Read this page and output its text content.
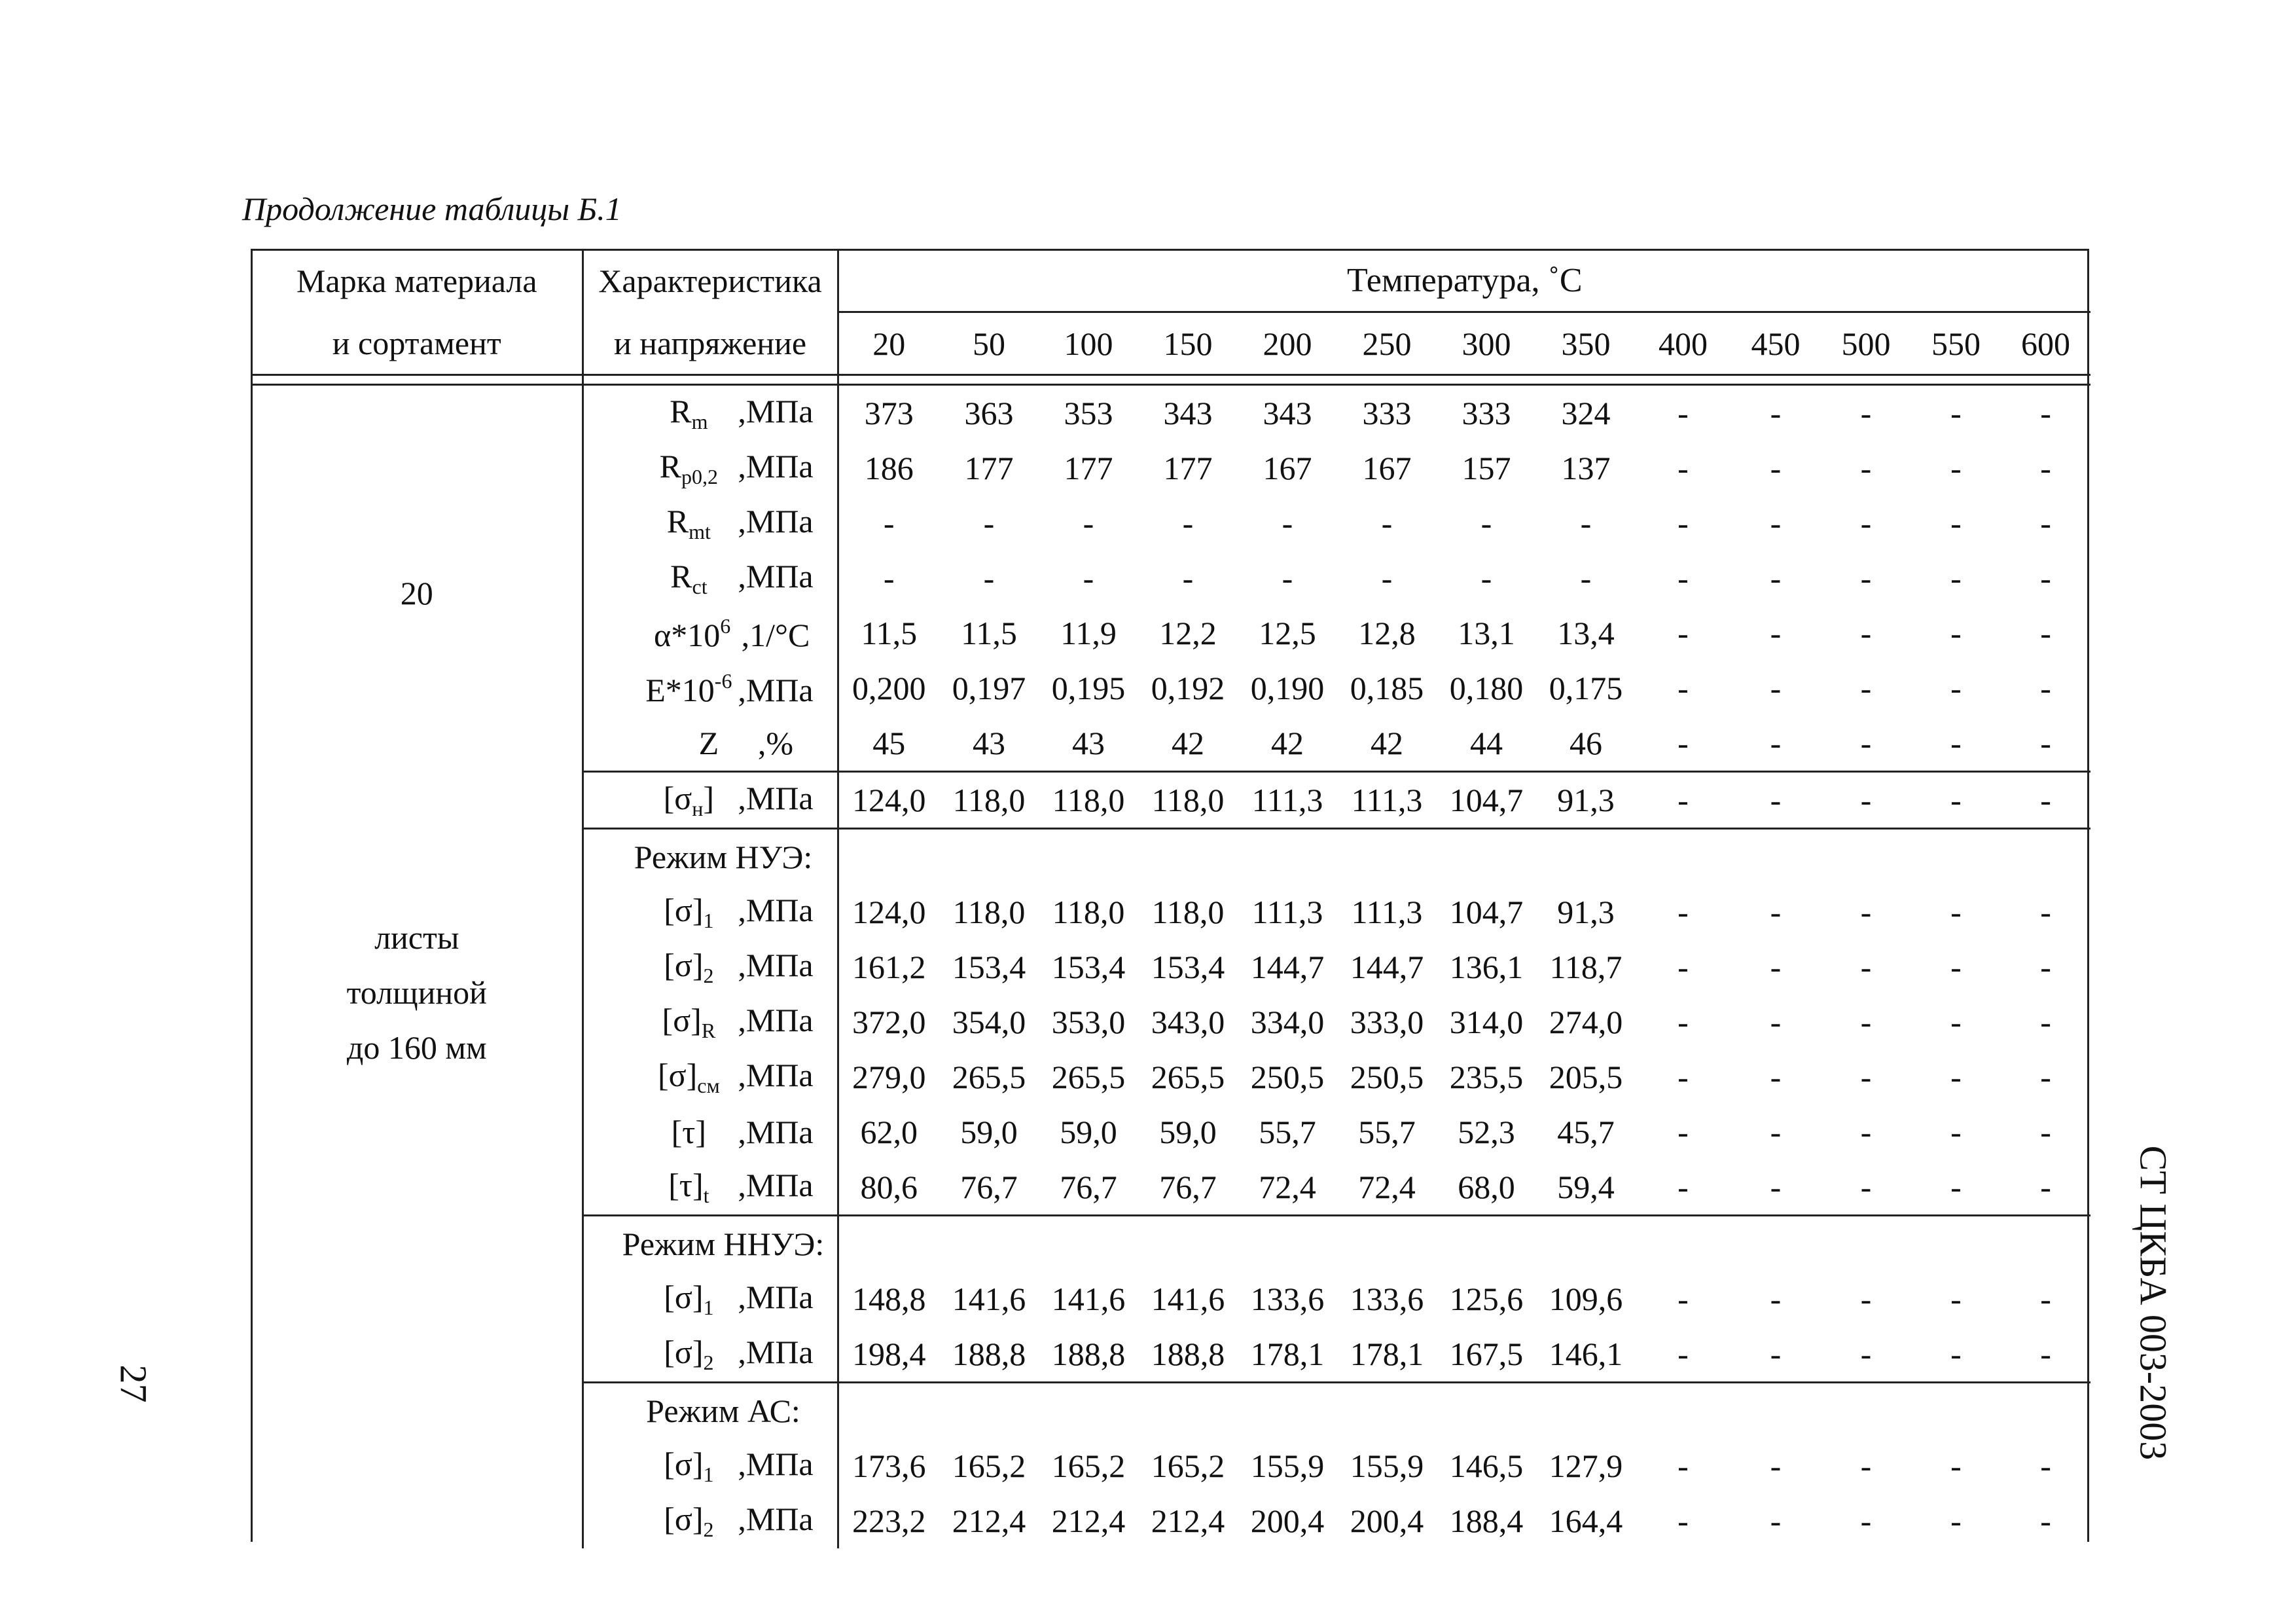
Продолжение таблицы Б.1

Марка материала	Характеристика	Температура, ˚С												
и сортамент	и напряжение	20	50	100	150	200	250	300	350	400	450	500	550	600

20
листы
толщиной
до 160 мм	$R_m$ ,МПа	373	363	353	343	343	333	333	324	-	-	-	-	-
	$R_{p0,2}$ ,МПа	186	177	177	177	167	167	157	137	-	-	-	-	-
	$R_{mt}$ ,МПа	-	-	-	-	-	-	-	-	-	-	-	-	-
	$R_{ct}$ ,МПа	-	-	-	-	-	-	-	-	-	-	-	-	-
	$\alpha*10^6$ ,1/°С	11,5	11,5	11,9	12,2	12,5	12,8	13,1	13,4	-	-	-	-	-
	$E*10^{-6}$ ,МПа	0,200	0,197	0,195	0,192	0,190	0,185	0,180	0,175	-	-	-	-	-
	Z ,%	45	43	43	42	42	42	44	46	-	-	-	-	-
	$[\sigma_н]$ ,МПа	124,0	118,0	118,0	118,0	111,3	111,3	104,7	91,3	-	-	-	-	-
	Режим НУЭ:													
	$[\sigma]_1$ ,МПа	124,0	118,0	118,0	118,0	111,3	111,3	104,7	91,3	-	-	-	-	-
	$[\sigma]_2$ ,МПа	161,2	153,4	153,4	153,4	144,7	144,7	136,1	118,7	-	-	-	-	-
	$[\sigma]_R$ ,МПа	372,0	354,0	353,0	343,0	334,0	333,0	314,0	274,0	-	-	-	-	-
	$[\sigma]_{см}$ ,МПа	279,0	265,5	265,5	265,5	250,5	250,5	235,5	205,5	-	-	-	-	-
	[τ] ,МПа	62,0	59,0	59,0	59,0	55,7	55,7	52,3	45,7	-	-	-	-	-
	$[\tau]_t$ ,МПа	80,6	76,7	76,7	76,7	72,4	72,4	68,0	59,4	-	-	-	-	-
	Режим ННУЭ:													
	$[\sigma]_1$ ,МПа	148,8	141,6	141,6	141,6	133,6	133,6	125,6	109,6	-	-	-	-	-
	$[\sigma]_2$ ,МПа	198,4	188,8	188,8	188,8	178,1	178,1	167,5	146,1	-	-	-	-	-
	Режим АС:													
	$[\sigma]_1$ ,МПа	173,6	165,2	165,2	165,2	155,9	155,9	146,5	127,9	-	-	-	-	-
	$[\sigma]_2$ ,МПа	223,2	212,4	212,4	212,4	200,4	200,4	188,4	164,4	-	-	-	-	-
27	СТ ЦКБА 003-2003
